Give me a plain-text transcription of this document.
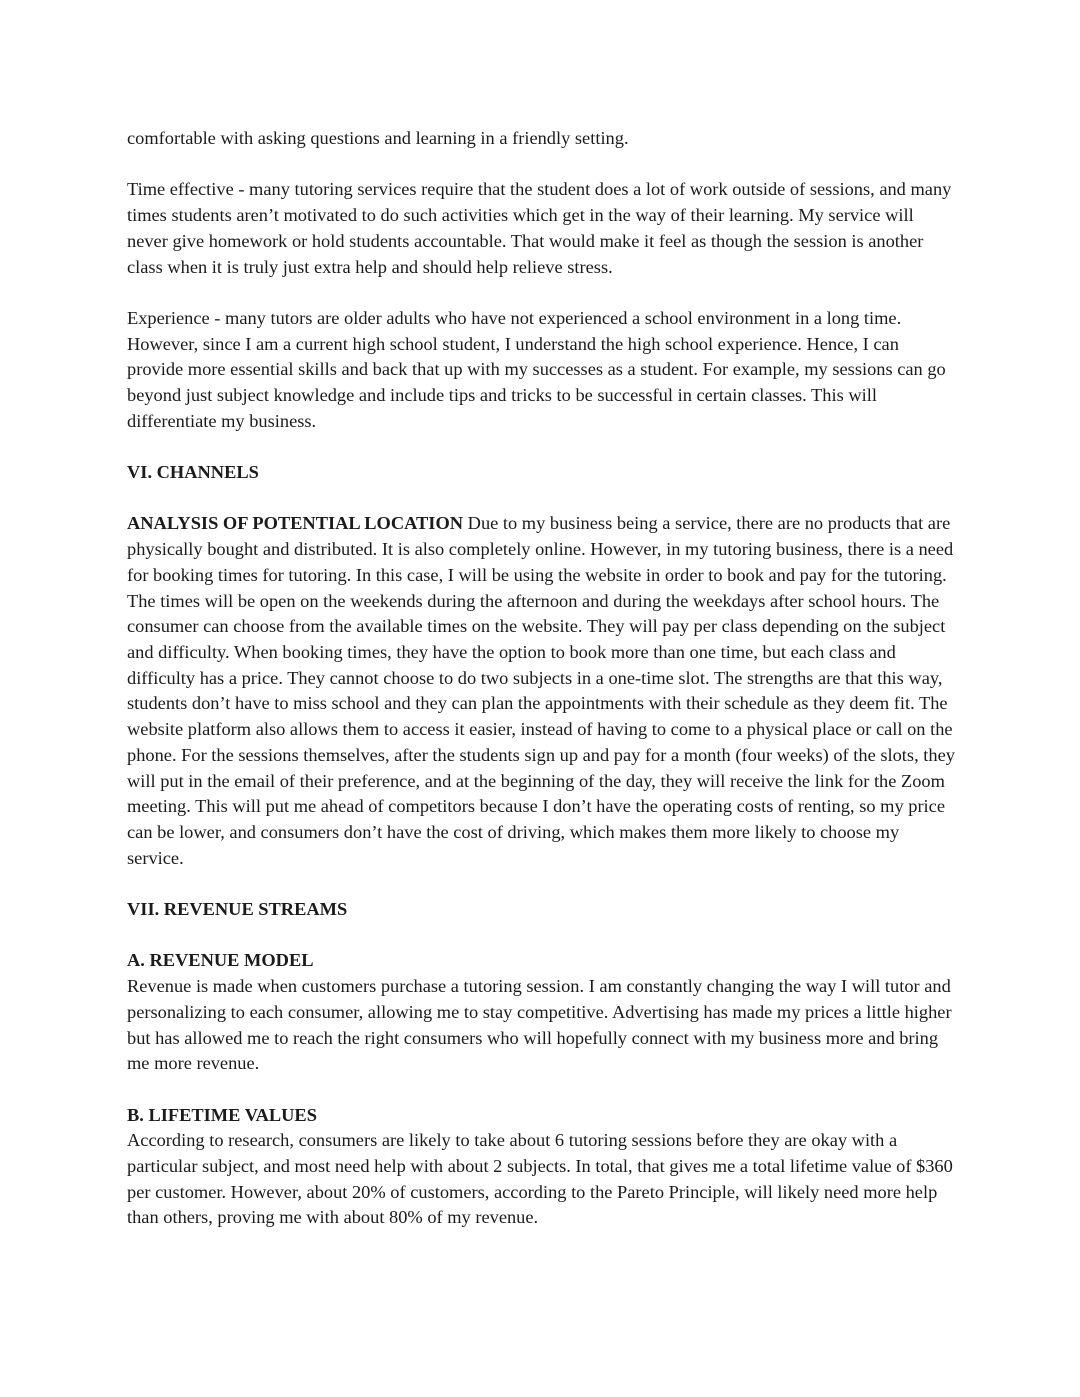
comfortable with asking questions and learning in a friendly setting.

Time effective - many tutoring services require that the student does a lot of work outside of sessions, and many times students aren’t motivated to do such activities which get in the way of their learning. My service will never give homework or hold students accountable. That would make it feel as though the session is another class when it is truly just extra help and should help relieve stress.

Experience - many tutors are older adults who have not experienced a school environment in a long time. However, since I am a current high school student, I understand the high school experience. Hence, I can provide more essential skills and back that up with my successes as a student. For example, my sessions can go beyond just subject knowledge and include tips and tricks to be successful in certain classes. This will differentiate my business.

VI. CHANNELS

ANALYSIS OF POTENTIAL LOCATION Due to my business being a service, there are no products that are physically bought and distributed. It is also completely online. However, in my tutoring business, there is a need for booking times for tutoring. In this case, I will be using the website in order to book and pay for the tutoring. The times will be open on the weekends during the afternoon and during the weekdays after school hours. The consumer can choose from the available times on the website. They will pay per class depending on the subject and difficulty. When booking times, they have the option to book more than one time, but each class and difficulty has a price. They cannot choose to do two subjects in a one-time slot. The strengths are that this way, students don’t have to miss school and they can plan the appointments with their schedule as they deem fit. The website platform also allows them to access it easier, instead of having to come to a physical place or call on the phone. For the sessions themselves, after the students sign up and pay for a month (four weeks) of the slots, they will put in the email of their preference, and at the beginning of the day, they will receive the link for the Zoom meeting. This will put me ahead of competitors because I don’t have the operating costs of renting, so my price can be lower, and consumers don’t have the cost of driving, which makes them more likely to choose my service.

VII. REVENUE STREAMS

A. REVENUE MODEL

Revenue is made when customers purchase a tutoring session. I am constantly changing the way I will tutor and personalizing to each consumer, allowing me to stay competitive. Advertising has made my prices a little higher but has allowed me to reach the right consumers who will hopefully connect with my business more and bring me more revenue.

B. LIFETIME VALUES

According to research, consumers are likely to take about 6 tutoring sessions before they are okay with a particular subject, and most need help with about 2 subjects. In total, that gives me a total lifetime value of $360 per customer. However, about 20% of customers, according to the Pareto Principle, will likely need more help than others, proving me with about 80% of my revenue.
